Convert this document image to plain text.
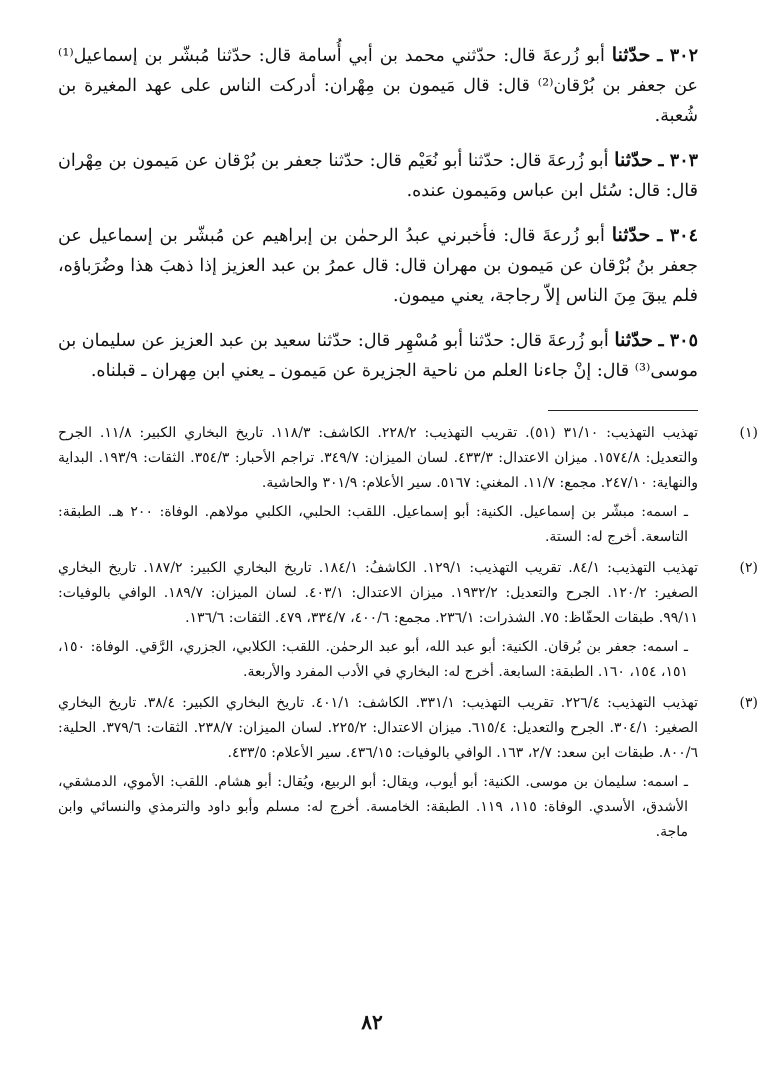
٣٠٢ ـ حدّثنا أبو زُرعةَ قال: حدّثني محمد بن أبي أُسامة قال: حدّثنا مُبشّر بن إسماعيل⁽¹⁾ عن جعفر بن بُرْقان⁽²⁾ قال: قال مَيمون بن مِهْران: أدركت الناس على عهد المغيرة بن شُعبة.

٣٠٣ ـ حدّثنا أبو زُرعةَ قال: حدّثنا أبو نُعَيْم قال: حدّثنا جعفر بن بُرْقان عن مَيمون بن مِهْران قال: قال: سُئل ابن عباس ومَيمون عنده.

٣٠٤ ـ حدّثنا أبو زُرعةَ قال: فأخبرني عبدُ الرحمٰن بن إبراهيم عن مُبشّر بن إسماعيل عن جعفر بنُ بُرْقان عن مَيمون بن مهران قال: قال عمرُ بن عبد العزيز إذا ذهبَ هذا وضُرَباؤه، فلم يبقَ مِنَ الناس إلاّ رجاجة، يعني ميمون.

٣٠٥ ـ حدّثنا أبو زُرعةَ قال: حدّثنا أبو مُسْهِر قال: حدّثنا سعيد بن عبد العزيز عن سليمان بن موسى⁽³⁾ قال: إنْ جاءنا العلم من ناحية الجزيرة عن مَيمون ـ يعني ابن مِهران ـ قبلناه.

(١)
تهذيب التهذيب: ٣١/١٠ (٥١). تقريب التهذيب: ٢٢٨/٢. الكاشف: ١١٨/٣. تاريخ البخاري الكبير: ١١/٨. الجرح والتعديل: ١٥٧٤/٨. ميزان الاعتدال: ٤٣٣/٣. لسان الميزان: ٣٤٩/٧. تراجم الأحبار: ٣٥٤/٣. الثقات: ١٩٣/٩. البداية والنهاية: ٢٤٧/١٠. مجمع: ١١/٧. المغني: ٥١٦٧. سير الأعلام: ٣٠١/٩ والحاشية.
ـ اسمه: مبشّر بن إسماعيل. الكنية: أبو إسماعيل. اللقب: الحلبي، الكلبي مولاهم. الوفاة: ٢٠٠ هـ. الطبقة: التاسعة. أخرج له: الستة.
(٢)
تهذيب التهذيب: ٨٤/١. تقريب التهذيب: ١٢٩/١. الكاشفُ: ١٨٤/١. تاريخ البخاري الكبير: ١٨٧/٢. تاريخ البخاري الصغير: ١٢٠/٢. الجرح والتعديل: ١٩٣٢/٢. ميزان الاعتدال: ٤٠٣/١. لسان الميزان: ١٨٩/٧. الوافي بالوفيات: ٩٩/١١. طبقات الحفّاظ: ٧٥. الشذرات: ٢٣٦/١. مجمع: ٤٠٠/٦، ٣٣٤/٧، ٤٧٩. الثقات: ١٣٦/٦.
ـ اسمه: جعفر بن بُرقان. الكنية: أبو عبد الله، أبو عبد الرحمٰن. اللقب: الكلابي، الجزري، الرَّقي. الوفاة: ١٥٠، ١٥١، ١٥٤، ١٦٠. الطبقة: السابعة. أخرج له: البخاري في الأدب المفرد والأربعة.
(٣)
تهذيب التهذيب: ٢٢٦/٤. تقريب التهذيب: ٣٣١/١. الكاشف: ٤٠١/١. تاريخ البخاري الكبير: ٣٨/٤. تاريخ البخاري الصغير: ٣٠٤/١. الجرح والتعديل: ٦١٥/٤. ميزان الاعتدال: ٢٢٥/٢. لسان الميزان: ٢٣٨/٧. الثقات: ٣٧٩/٦. الحلية: ٨٠٠/٦. طبقات ابن سعد: ٢/٧، ١٦٣. الوافي بالوفيات: ٤٣٦/١٥. سير الأعلام: ٤٣٣/٥.
ـ اسمه: سليمان بن موسى. الكنية: أبو أيوب، ويقال: أبو الربيع، ويُقال: أبو هشام. اللقب: الأموي، الدمشقي، الأشدق، الأسدي. الوفاة: ١١٥، ١١٩. الطبقة: الخامسة. أخرج له: مسلم وأبو داود والترمذي والنسائي وابن ماجة.
٨٢
